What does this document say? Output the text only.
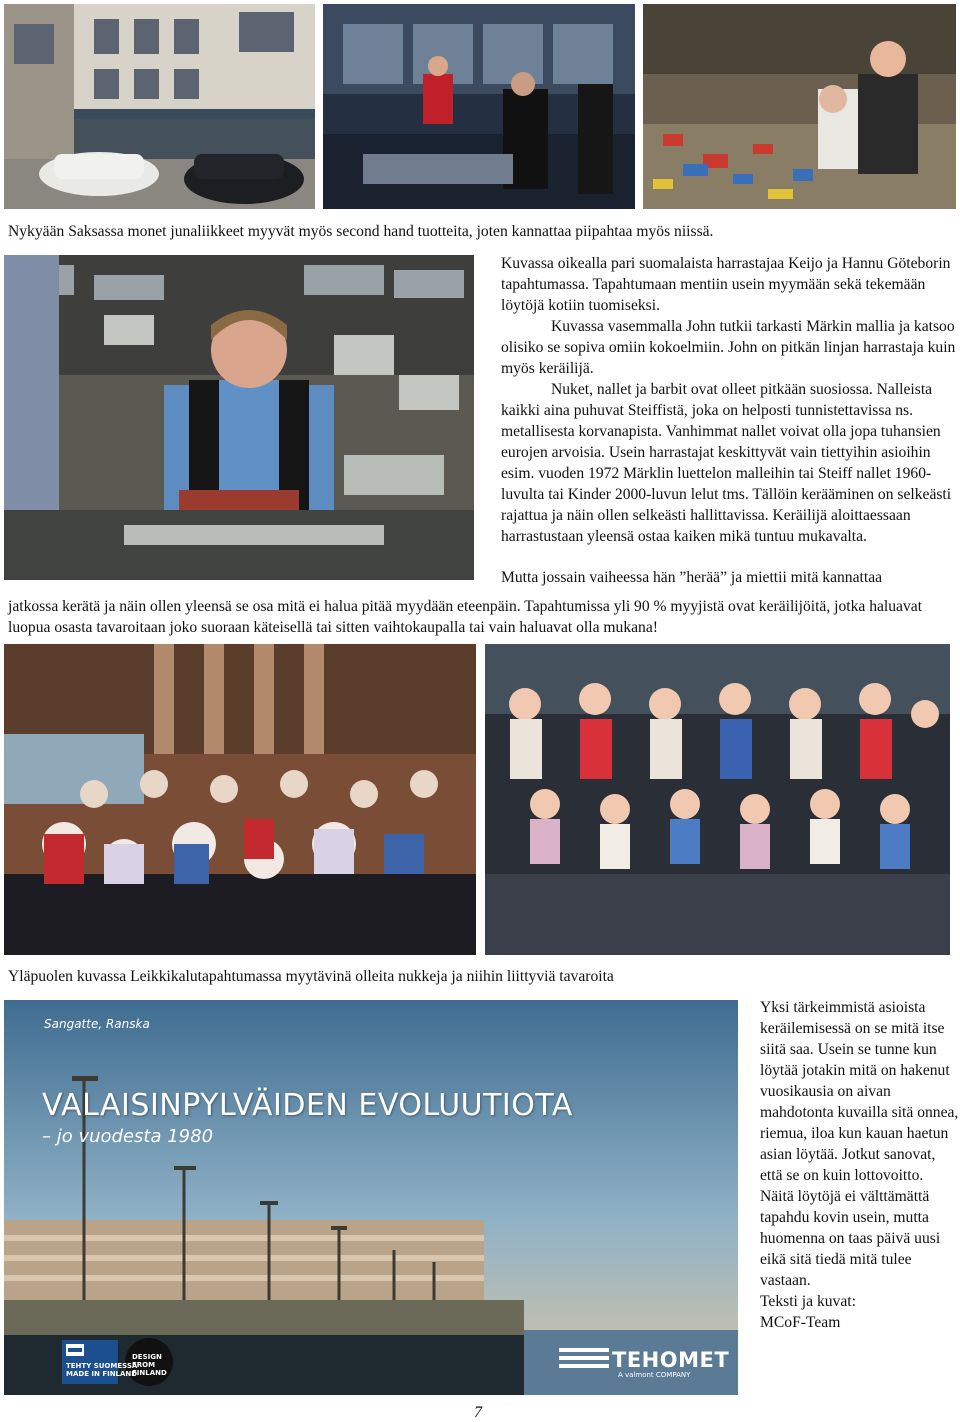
Nykyään Saksassa monet junaliikkeet myyvät myös second hand tuotteita, joten kannattaa piipahtaa myös niissä.

Kuvassa oikealla pari suomalaista harrastajaa Keijo ja Hannu Göteborin tapahtumassa. Tapahtumaan mentiin usein myymään sekä tekemään löytöjä kotiin tuomiseksi.

Kuvassa vasemmalla John tutkii tarkasti Märkin mallia ja katsoo olisiko se sopiva omiin kokoelmiin. John on pitkän linjan harrastaja kuin myös keräilijä.

Nuket, nallet ja barbit ovat olleet pitkään suosiossa. Nalleista kaikki aina puhuvat Steiffistä, joka on helposti tunnistettavissa ns. metallisesta korvanapista. Vanhimmat nallet voivat olla jopa tuhansien eurojen arvoisia. Usein harrastajat keskittyvät vain tiettyihin asioihin esim. vuoden 1972 Märklin luettelon malleihin tai Steiff nallet 1960-luvulta tai Kinder 2000-luvun lelut tms. Tällöin kerääminen on selkeästi rajattua ja näin ollen selkeästi hallittavissa. Keräilijä aloittaessaan harrastustaan yleensä ostaa kaiken mikä tuntuu mukavalta.

Mutta jossain vaiheessa hän ”herää” ja miettii mitä kannattaa

jatkossa kerätä ja näin ollen yleensä se osa mitä ei halua pitää myydään eteenpäin. Tapahtumissa yli 90 % myyjistä ovat keräilijöitä, jotka haluavat luopua osasta tavaroitaan joko suoraan käteisellä tai sitten vaihtokaupalla tai vain haluavat olla mukana!

Yläpuolen kuvassa Leikkikalutapahtumassa myytävinä olleita nukkeja ja niihin liittyviä tavaroita

Sangatte, Ranska
VALAISINPYLVÄIDEN EVOLUUTIOTA
– jo vuodesta 1980
TEHTY SUOMESSA
MADE IN FINLAND
DESIGN
FROM
FINLAND
TEHOMET
A valmont COMPANY

Yksi tärkeimmistä asioista keräilemisessä on se mitä itse siitä saa. Usein se tunne kun löytää jotakin mitä on hakenut vuosikausia on aivan mahdotonta kuvailla sitä onnea, riemua, iloa kun kauan haetun asian löytää. Jotkut sanovat, että se on kuin lottovoitto.

Näitä löytöjä ei välttämättä tapahdu kovin usein, mutta huomenna on taas päivä uusi eikä sitä tiedä mitä tulee vastaan.

Teksti ja kuvat:

MCoF-Team

7
